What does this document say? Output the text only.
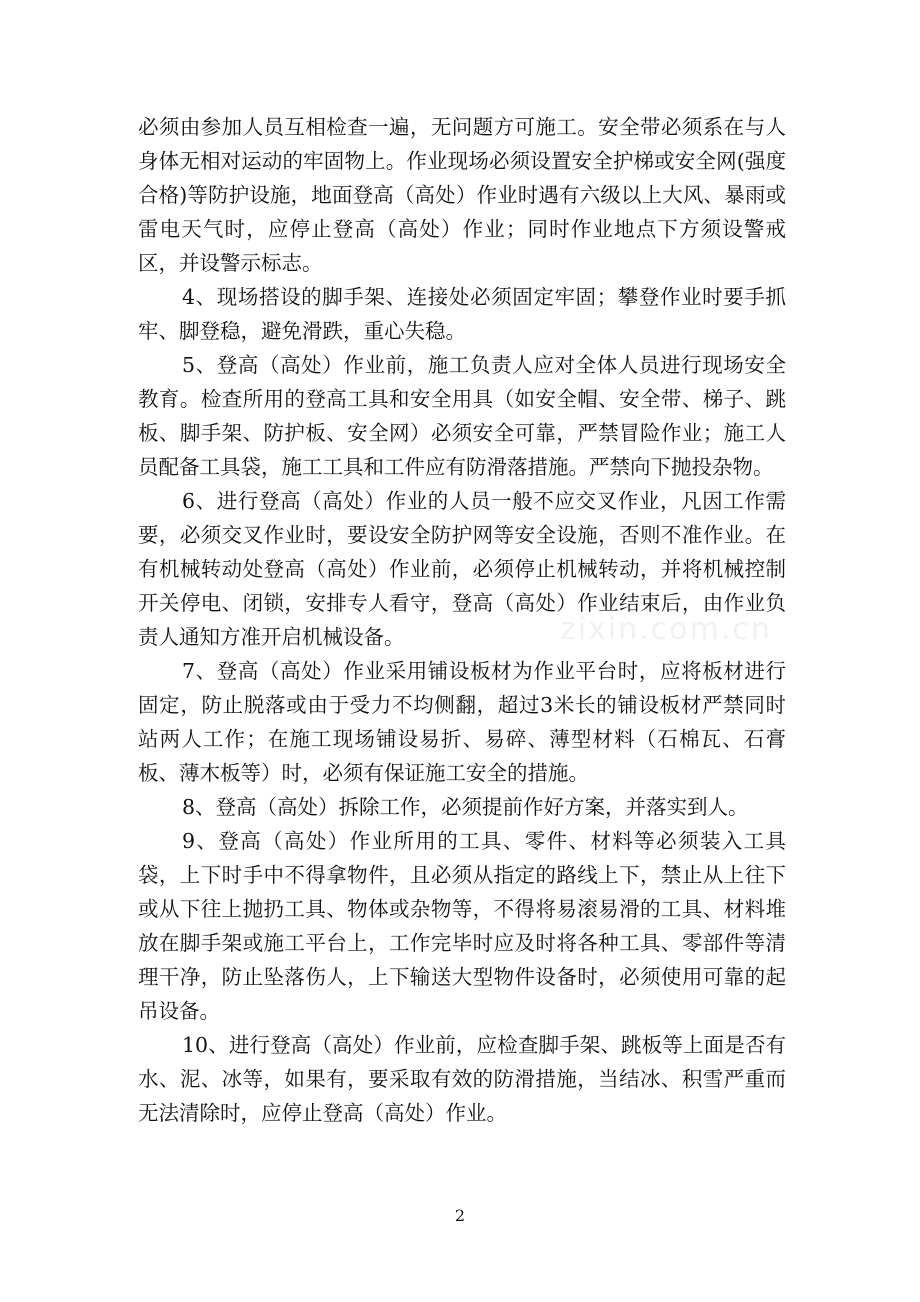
必须由参加人员互相检查一遍，无问题方可施工。安全带必须系在与人身体无相对运动的牢固物上。作业现场必须设置安全护梯或安全网(强度合格)等防护设施，地面登高（高处）作业时遇有六级以上大风、暴雨或雷电天气时，应停止登高（高处）作业；同时作业地点下方须设警戒区，并设警示标志。

4、现场搭设的脚手架、连接处必须固定牢固；攀登作业时要手抓牢、脚登稳，避免滑跌，重心失稳。

5、登高（高处）作业前，施工负责人应对全体人员进行现场安全教育。检查所用的登高工具和安全用具（如安全帽、安全带、梯子、跳板、脚手架、防护板、安全网）必须安全可靠，严禁冒险作业；施工人员配备工具袋，施工工具和工件应有防滑落措施。严禁向下抛投杂物。

6、进行登高（高处）作业的人员一般不应交叉作业，凡因工作需要，必须交叉作业时，要设安全防护网等安全设施，否则不准作业。在有机械转动处登高（高处）作业前，必须停止机械转动，并将机械控制开关停电、闭锁，安排专人看守，登高（高处）作业结束后，由作业负责人通知方准开启机械设备。

7、登高（高处）作业采用铺设板材为作业平台时，应将板材进行固定，防止脱落或由于受力不均侧翻，超过3米长的铺设板材严禁同时站两人工作；在施工现场铺设易折、易碎、薄型材料（石棉瓦、石膏板、薄木板等）时，必须有保证施工安全的措施。

8、登高（高处）拆除工作，必须提前作好方案，并落实到人。

9、登高（高处）作业所用的工具、零件、材料等必须装入工具袋，上下时手中不得拿物件，且必须从指定的路线上下，禁止从上往下或从下往上抛扔工具、物体或杂物等，不得将易滚易滑的工具、材料堆放在脚手架或施工平台上，工作完毕时应及时将各种工具、零部件等清理干净，防止坠落伤人，上下输送大型物件设备时，必须使用可靠的起吊设备。

10、进行登高（高处）作业前，应检查脚手架、跳板等上面是否有水、泥、冰等，如果有，要采取有效的防滑措施，当结冰、积雪严重而无法清除时，应停止登高（高处）作业。

zixin.com.cn
2
